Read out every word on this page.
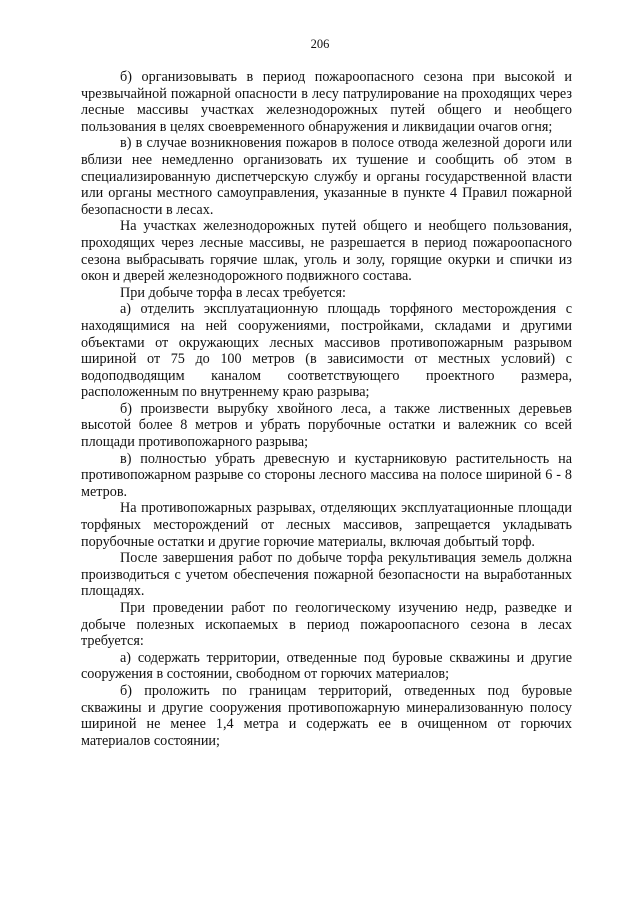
206

б) организовывать в период пожароопасного сезона при высокой и чрезвычайной пожарной опасности в лесу патрулирование на проходящих через лесные массивы участках железнодорожных путей общего и необщего пользования в целях своевременного обнаружения и ликвидации очагов огня;

в) в случае возникновения пожаров в полосе отвода железной дороги или вблизи нее немедленно организовать их тушение и сообщить об этом в специализированную диспетчерскую службу и органы государственной власти или органы местного самоуправления, указанные в пункте 4 Правил пожарной безопасности в лесах.

На участках железнодорожных путей общего и необщего пользования, проходящих через лесные массивы, не разрешается в период пожароопасного сезона выбрасывать горячие шлак, уголь и золу, горящие окурки и спички из окон и дверей железнодорожного подвижного состава.

При добыче торфа в лесах требуется:

а) отделить эксплуатационную площадь торфяного месторождения с находящимися на ней сооружениями, постройками, складами и другими объектами от окружающих лесных массивов противопожарным разрывом шириной от 75 до 100 метров (в зависимости от местных условий) с водоподводящим каналом соответствующего проектного размера, расположенным по внутреннему краю разрыва;

б) произвести вырубку хвойного леса, а также лиственных деревьев высотой более 8 метров и убрать порубочные остатки и валежник со всей площади противопожарного разрыва;

в) полностью убрать древесную и кустарниковую растительность на противопожарном разрыве со стороны лесного массива на полосе шириной 6 - 8 метров.

На противопожарных разрывах, отделяющих эксплуатационные площади торфяных месторождений от лесных массивов, запрещается укладывать порубочные остатки и другие горючие материалы, включая добытый торф.

После завершения работ по добыче торфа рекультивация земель должна производиться с учетом обеспечения пожарной безопасности на выработанных площадях.

При проведении работ по геологическому изучению недр, разведке и добыче полезных ископаемых в период пожароопасного сезона в лесах требуется:

а) содержать территории, отведенные под буровые скважины и другие сооружения в состоянии, свободном от горючих материалов;

б) проложить по границам территорий, отведенных под буровые скважины и другие сооружения противопожарную минерализованную полосу шириной не менее 1,4 метра и содержать ее в очищенном от горючих материалов состоянии;
